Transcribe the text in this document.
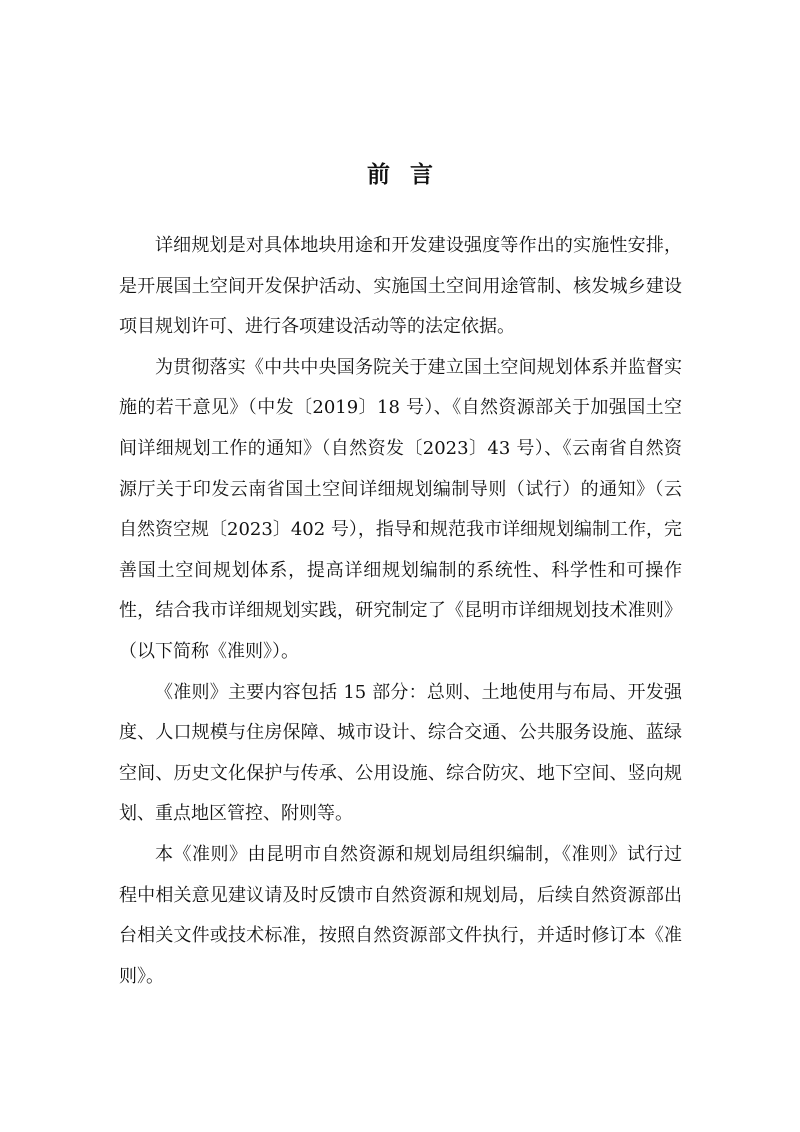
前言

详细规划是对具体地块用途和开发建设强度等作出的实施性安排，是开展国土空间开发保护活动、实施国土空间用途管制、核发城乡建设项目规划许可、进行各项建设活动等的法定依据。

为贯彻落实《中共中央国务院关于建立国土空间规划体系并监督实施的若干意见》（中发〔2019〕18 号）、《自然资源部关于加强国土空间详细规划工作的通知》（自然资发〔2023〕43 号）、《云南省自然资源厅关于印发云南省国土空间详细规划编制导则（试行）的通知》（云自然资空规〔2023〕402 号），指导和规范我市详细规划编制工作，完善国土空间规划体系，提高详细规划编制的系统性、科学性和可操作性，结合我市详细规划实践，研究制定了《昆明市详细规划技术准则》（以下简称《准则》）。

《准则》主要内容包括 15 部分：总则、土地使用与布局、开发强度、人口规模与住房保障、城市设计、综合交通、公共服务设施、蓝绿空间、历史文化保护与传承、公用设施、综合防灾、地下空间、竖向规划、重点地区管控、附则等。

本《准则》由昆明市自然资源和规划局组织编制，《准则》试行过程中相关意见建议请及时反馈市自然资源和规划局，后续自然资源部出台相关文件或技术标准，按照自然资源部文件执行，并适时修订本《准则》。
